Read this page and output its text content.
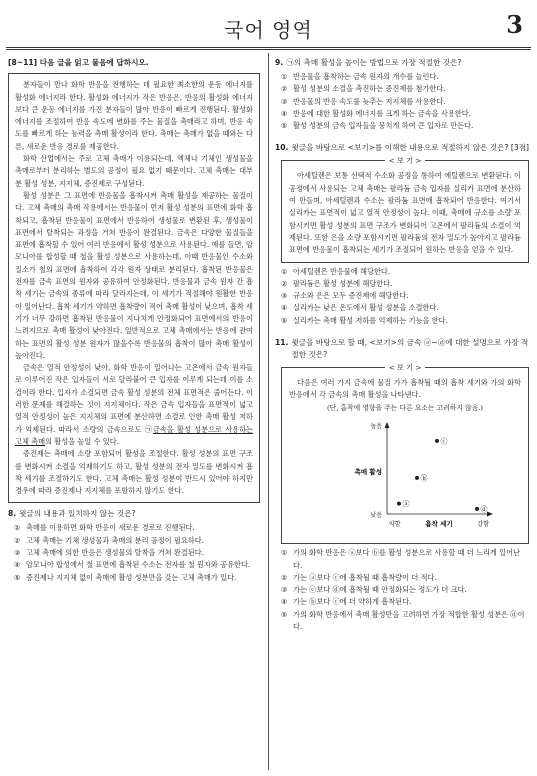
국어 영역	3
[8~11] 다음 글을 읽고 물음에 답하시오.

분자들이 만나 화학 반응을 진행하는 데 필요한 최소한의 운동 에너지를 활성화 에너지라 한다. 활성화 에너지가 작은 반응은, 반응의 활성화 에너지보다 큰 운동 에너지를 가진 분자들이 많아 반응이 빠르게 진행된다. 활성화 에너지를 조절하여 반응 속도에 변화를 주는 물질을 촉매라고 하며, 반응 속도를 빠르게 하는 능력을 촉매 활성이라 한다. 촉매는 촉매가 없을 때와는 다른, 새로운 반응 경로를 제공한다.

화학 산업에서는 주로 고체 촉매가 이용되는데, 액체나 기체인 생성물을 촉매로부터 분리하는 별도의 공정이 필요 없기 때문이다. 고체 촉매는 대부분 활성 성분, 지지체, 증진제로 구성된다.

활성 성분은 그 표면에 반응물을 흡착시켜 촉매 활성을 제공하는 물질이다. 고체 촉매의 촉매 작용에서는 반응물이 먼저 활성 성분의 표면에 화학 흡착되고, 흡착된 반응물이 표면에서 반응하여 생성물로 변환된 후, 생성물이 표면에서 탈착되는 과정을 거쳐 반응이 완결된다. 금속은 다양한 물질들을 표면에 흡착할 수 있어 여러 반응에서 활성 성분으로 사용된다. 예를 들면, 암모니아를 합성할 때 철을 활성 성분으로 사용하는데, 이때 반응물인 수소와 질소가 철의 표면에 흡착하여 각각 원자 상태로 분리된다. 흡착된 반응물은 전자를 금속 표면의 원자와 공유하여 안정화된다. 반응물과 금속 원자 간 흡착 세기는 금속의 종류에 따라 달라지는데, 이 세기가 적절해야 원활한 반응이 일어난다. 흡착 세기가 약하면 흡착량이 적어 촉매 활성이 낮으며, 흡착 세기가 너무 강하면 흡착된 반응물이 지나치게 안정화되어 표면에서의 반응이 느려지므로 촉매 활성이 낮아진다. 일반적으로 고체 촉매에서는 반응에 관여하는 표면의 활성 성분 원자가 많을수록 반응물의 흡착이 많아 촉매 활성이 높아진다.

금속은 열적 안정성이 낮아, 화학 반응이 일어나는 고온에서 금속 원자들로 이루어진 작은 입자들이 서로 달라붙어 큰 입자를 이루게 되는데 이를 소결이라 한다. 입자가 소결되면 금속 활성 성분의 전체 표면적은 줄어든다. 이러한 문제를 해결하는 것이 지지체이다. 작은 금속 입자들을 표면적이 넓고 열적 안정성이 높은 지지체의 표면에 분산하면 소결로 인한 촉매 활성 저하가 억제된다. 따라서 소량의 금속으로도 ㉠금속을 활성 성분으로 사용하는 고체 촉매의 활성을 높일 수 있다.

증진제는 촉매에 소량 포함되어 활성을 조절한다. 활성 성분의 표면 구조를 변화시켜 소결을 억제하기도 하고, 활성 성분의 전자 밀도를 변화시켜 흡착 세기를 조절하기도 한다. 고체 촉매는 활성 성분이 반드시 있어야 하지만 경우에 따라 증진제나 지지체를 포함하지 않기도 한다.

8. 윗글의 내용과 일치하지 않는 것은?
① 촉매를 이용하면 화학 반응이 새로운 경로로 진행된다.
② 고체 촉매는 기체 생성물과 촉매의 분리 공정이 필요하다.
③ 고체 촉매에 의한 반응은 생성물의 탈착을 거쳐 완결된다.
④ 암모니아 합성에서 철 표면에 흡착된 수소는 전자를 철 원자와 공유한다.
⑤ 증진제나 지지체 없이 촉매에 활성 성분만을 갖는 고체 촉매가 있다.
9. ㉠의 촉매 활성을 높이는 방법으로 가장 적절한 것은?
① 반응물을 흡착하는 금속 원자의 개수를 늘린다.
② 활성 성분의 소결을 촉진하는 증진제를 첨가한다.
③ 반응물의 반응 속도를 늦추는 지지체를 사용한다.
④ 반응에 대한 활성화 에너지를 크게 하는 금속을 사용한다.
⑤ 활성 성분의 금속 입자들을 뭉치게 하여 큰 입자로 만든다.
10. 윗글을 바탕으로 <보기>를 이해한 내용으로 적절하지 않은 것은? [3점]
< 보 기 >

아세틸렌은 보통 선택적 수소화 공정을 통하여 에틸렌으로 변환된다. 이 공정에서 사용되는 고체 촉매는 팔라듐 금속 입자를 실리카 표면에 분산하여 만들며, 아세틸렌과 수소는 팔라듐 표면에 흡착되어 반응한다. 여기서 실리카는 표면적이 넓고 열적 안정성이 높다. 이때, 촉매에 규소를 소량 포함시키면 활성 성분의 표면 구조가 변화되어 고온에서 팔라듐의 소결이 억제된다. 또한 은을 소량 포함시키면 팔라듐의 전자 밀도가 높아지고 팔라듐 표면에 반응물이 흡착되는 세기가 조절되어 원하는 반응을 얻을 수 있다.

① 아세틸렌은 반응물에 해당한다.
② 팔라듐은 활성 성분에 해당한다.
③ 규소와 은은 모두 증진제에 해당한다.
④ 실리카는 낮은 온도에서 활성 성분을 소결한다.
⑤ 실리카는 촉매 활성 저하를 억제하는 기능을 한다.
11. 윗글을 바탕으로 할 때, <보기>의 금속 ⓐ~ⓓ에 대한 설명으로 가장 적절한 것은?
< 보 기 >

다음은 여러 가지 금속에 물질 가가 흡착될 때의 흡착 세기와 가의 화학 반응에서 각 금속의 촉매 활성을 나타낸다.

(단, 흡착에 영향을 주는 다른 요소는 고려하지 않음.)
높음
촉매 활성
낮음
약함	흡착 세기	강함
ⓐ
ⓑ
ⓒ
ⓓ
① 가의 화학 반응은 ⓐ보다 ⓑ를 활성 성분으로 사용할 때 더 느리게 일어난다.
② 가는 ⓐ보다 ⓒ에 흡착될 때 흡착량이 더 적다.
③ 가는 ⓒ보다 ⓓ에 흡착될 때 안정화되는 정도가 더 크다.
④ 가는 ⓑ보다 ⓒ에 더 약하게 흡착된다.
⑤ 가의 화학 반응에서 촉매 활성만을 고려하면 가장 적합한 활성 성분은 ⓓ이다.
